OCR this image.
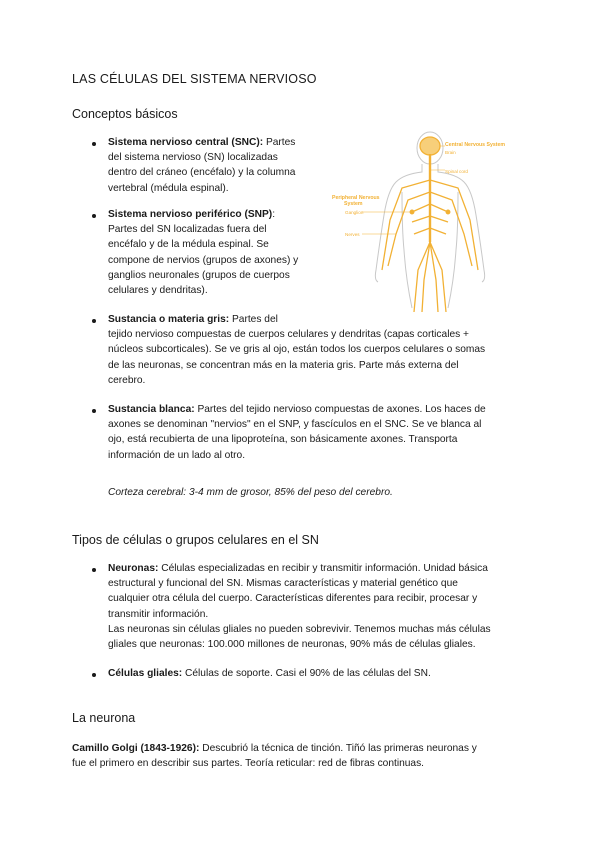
LAS CÉLULAS DEL SISTEMA NERVIOSO
Conceptos básicos
Sistema nervioso central (SNC): Partes
del sistema nervioso (SN) localizadas
dentro del cráneo (encéfalo) y la columna
vertebral (médula espinal).
Sistema nervioso periférico (SNP):
Partes del SN localizadas fuera del
encéfalo y de la médula espinal. Se
compone de nervios (grupos de axones) y
ganglios neuronales (grupos de cuerpos
celulares y dendritas).
Central Nervous System
Brain
Spinal cord
Peripheral Nervous
System
Ganglion
Nerves
Sustancia o materia gris: Partes del
tejido nervioso compuestas de cuerpos celulares y dendritas (capas corticales +
núcleos subcorticales). Se ve gris al ojo, están todos los cuerpos celulares o somas
de las neuronas, se concentran más en la materia gris. Parte más externa del
cerebro.
Sustancia blanca: Partes del tejido nervioso compuestas de axones. Los haces de
axones se denominan "nervios" en el SNP, y fascículos en el SNC. Se ve blanca al
ojo, está recubierta de una lipoproteína, son básicamente axones. Transporta
información de un lado al otro.
Corteza cerebral: 3-4 mm de grosor, 85% del peso del cerebro.
Tipos de células o grupos celulares en el SN
Neuronas: Células especializadas en recibir y transmitir información. Unidad básica
estructural y funcional del SN. Mismas características y material genético que
cualquier otra célula del cuerpo. Características diferentes para recibir, procesar y
transmitir información.
Las neuronas sin células gliales no pueden sobrevivir. Tenemos muchas más células
gliales que neuronas: 100.000 millones de neuronas, 90% más de células gliales.
Células gliales: Células de soporte. Casi el 90% de las células del SN.
La neurona
Camillo Golgi (1843-1926): Descubrió la técnica de tinción. Tiñó las primeras neuronas y
fue el primero en describir sus partes. Teoría reticular: red de fibras continuas.
